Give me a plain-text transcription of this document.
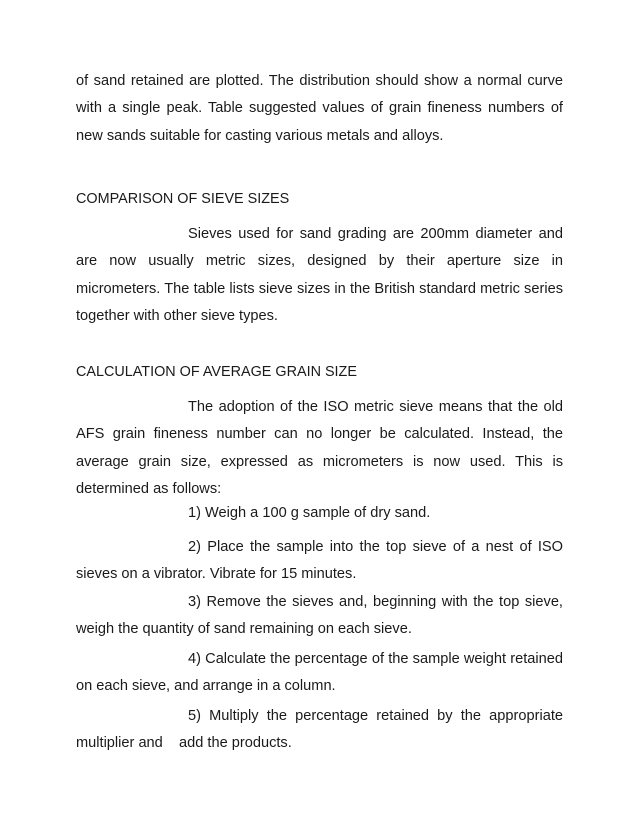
of sand retained are plotted. The distribution should show a normal curve with a single peak. Table suggested values of grain fineness numbers of new sands suitable for casting various metals and alloys.

COMPARISON OF SIEVE SIZES

Sieves used for sand grading are 200mm diameter and are now usually metric sizes, designed by their aperture size in micrometers. The table lists sieve sizes in the British standard metric series together with other sieve types.

CALCULATION OF AVERAGE GRAIN SIZE

The adoption of the ISO metric sieve means that the old AFS grain fineness number can no longer be calculated. Instead, the average grain size, expressed as micrometers is now used. This is determined as follows:

1) Weigh a 100 g sample of dry sand.

2) Place the sample into the top sieve of a nest of ISO sieves on a vibrator. Vibrate for 15 minutes.

3) Remove the sieves and, beginning with the top sieve, weigh the quantity of sand remaining on each sieve.

4) Calculate the percentage of the sample weight retained on each sieve, and arrange in a column.

5) Multiply the percentage retained by the appropriate multiplier and    add the products.
